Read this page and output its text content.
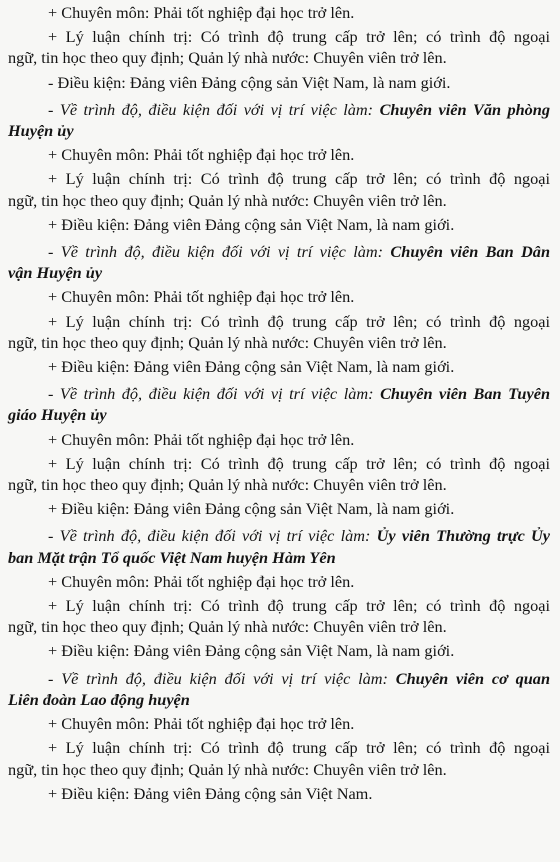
+ Chuyên môn: Phải tốt nghiệp đại học trở lên.
+ Lý luận chính trị: Có trình độ trung cấp trở lên; có trình độ ngoại
ngữ, tin học theo quy định; Quản lý nhà nước: Chuyên viên trở lên.
- Điều kiện: Đảng viên Đảng cộng sản Việt Nam, là nam giới.
- Về trình độ, điều kiện đối với vị trí việc làm: Chuyên viên Văn phòng
Huyện ủy
+ Chuyên môn: Phải tốt nghiệp đại học trở lên.
+ Lý luận chính trị: Có trình độ trung cấp trở lên; có trình độ ngoại
ngữ, tin học theo quy định; Quản lý nhà nước: Chuyên viên trở lên.
+ Điều kiện: Đảng viên Đảng cộng sản Việt Nam, là nam giới.
- Về trình độ, điều kiện đối với vị trí việc làm: Chuyên viên Ban Dân
vận Huyện ủy
+ Chuyên môn: Phải tốt nghiệp đại học trở lên.
+ Lý luận chính trị: Có trình độ trung cấp trở lên; có trình độ ngoại
ngữ, tin học theo quy định; Quản lý nhà nước: Chuyên viên trở lên.
+ Điều kiện: Đảng viên Đảng cộng sản Việt Nam, là nam giới.
- Về trình độ, điều kiện đối với vị trí việc làm: Chuyên viên Ban Tuyên
giáo Huyện ủy
+ Chuyên môn: Phải tốt nghiệp đại học trở lên.
+ Lý luận chính trị: Có trình độ trung cấp trở lên; có trình độ ngoại
ngữ, tin học theo quy định; Quản lý nhà nước: Chuyên viên trở lên.
+ Điều kiện: Đảng viên Đảng cộng sản Việt Nam, là nam giới.
- Về trình độ, điều kiện đối với vị trí việc làm: Ủy viên Thường trực Ủy
ban Mặt trận Tổ quốc Việt Nam huyện Hàm Yên
+ Chuyên môn: Phải tốt nghiệp đại học trở lên.
+ Lý luận chính trị: Có trình độ trung cấp trở lên; có trình độ ngoại
ngữ, tin học theo quy định; Quản lý nhà nước: Chuyên viên trở lên.
+ Điều kiện: Đảng viên Đảng cộng sản Việt Nam, là nam giới.
- Về trình độ, điều kiện đối với vị trí việc làm: Chuyên viên cơ quan
Liên đoàn Lao động huyện
+ Chuyên môn: Phải tốt nghiệp đại học trở lên.
+ Lý luận chính trị: Có trình độ trung cấp trở lên; có trình độ ngoại
ngữ, tin học theo quy định; Quản lý nhà nước: Chuyên viên trở lên.
+ Điều kiện: Đảng viên Đảng cộng sản Việt Nam.
